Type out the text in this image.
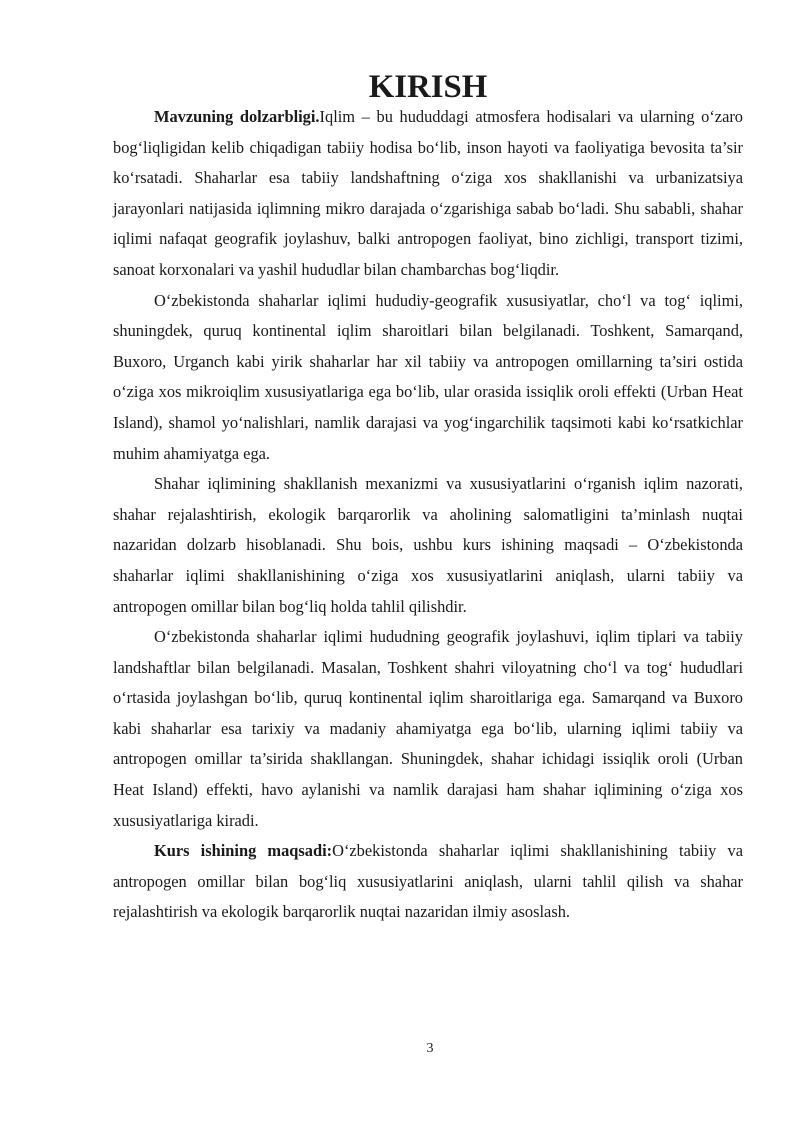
KIRISH

Mavzuning dolzarbligi.Iqlim – bu hududdagi atmosfera hodisalari va ularning o‘zaro bog‘liqligidan kelib chiqadigan tabiiy hodisa bo‘lib, inson hayoti va faoliyatiga bevosita ta’sir ko‘rsatadi. Shaharlar esa tabiiy landshaftning o‘ziga xos shakllanishi va urbanizatsiya jarayonlari natijasida iqlimning mikro darajada o‘zgarishiga sabab bo‘ladi. Shu sababli, shahar iqlimi nafaqat geografik joylashuv, balki antropogen faoliyat, bino zichligi, transport tizimi, sanoat korxonalari va yashil hududlar bilan chambarchas bog‘liqdir.

O‘zbekistonda shaharlar iqlimi hududiy-geografik xususiyatlar, cho‘l va tog‘ iqlimi, shuningdek, quruq kontinental iqlim sharoitlari bilan belgilanadi. Toshkent, Samarqand, Buxoro, Urganch kabi yirik shaharlar har xil tabiiy va antropogen omillarning ta’siri ostida o‘ziga xos mikroiqlim xususiyatlariga ega bo‘lib, ular orasida issiqlik oroli effekti (Urban Heat Island), shamol yo‘nalishlari, namlik darajasi va yog‘ingarchilik taqsimoti kabi ko‘rsatkichlar muhim ahamiyatga ega.

Shahar iqlimining shakllanish mexanizmi va xususiyatlarini o‘rganish iqlim nazorati, shahar rejalashtirish, ekologik barqarorlik va aholining salomatligini ta’minlash nuqtai nazaridan dolzarb hisoblanadi. Shu bois, ushbu kurs ishining maqsadi – O‘zbekistonda shaharlar iqlimi shakllanishining o‘ziga xos xususiyatlarini aniqlash, ularni tabiiy va antropogen omillar bilan bog‘liq holda tahlil qilishdir.

O‘zbekistonda shaharlar iqlimi hududning geografik joylashuvi, iqlim tiplari va tabiiy landshaftlar bilan belgilanadi. Masalan, Toshkent shahri viloyatning cho‘l va tog‘ hududlari o‘rtasida joylashgan bo‘lib, quruq kontinental iqlim sharoitlariga ega. Samarqand va Buxoro kabi shaharlar esa tarixiy va madaniy ahamiyatga ega bo‘lib, ularning iqlimi tabiiy va antropogen omillar ta’sirida shakllangan. Shuningdek, shahar ichidagi issiqlik oroli (Urban Heat Island) effekti, havo aylanishi va namlik darajasi ham shahar iqlimining o‘ziga xos xususiyatlariga kiradi.

Kurs ishining maqsadi:O‘zbekistonda shaharlar iqlimi shakllanishining tabiiy va antropogen omillar bilan bog‘liq xususiyatlarini aniqlash, ularni tahlil qilish va shahar rejalashtirish va ekologik barqarorlik nuqtai nazaridan ilmiy asoslash.

3
